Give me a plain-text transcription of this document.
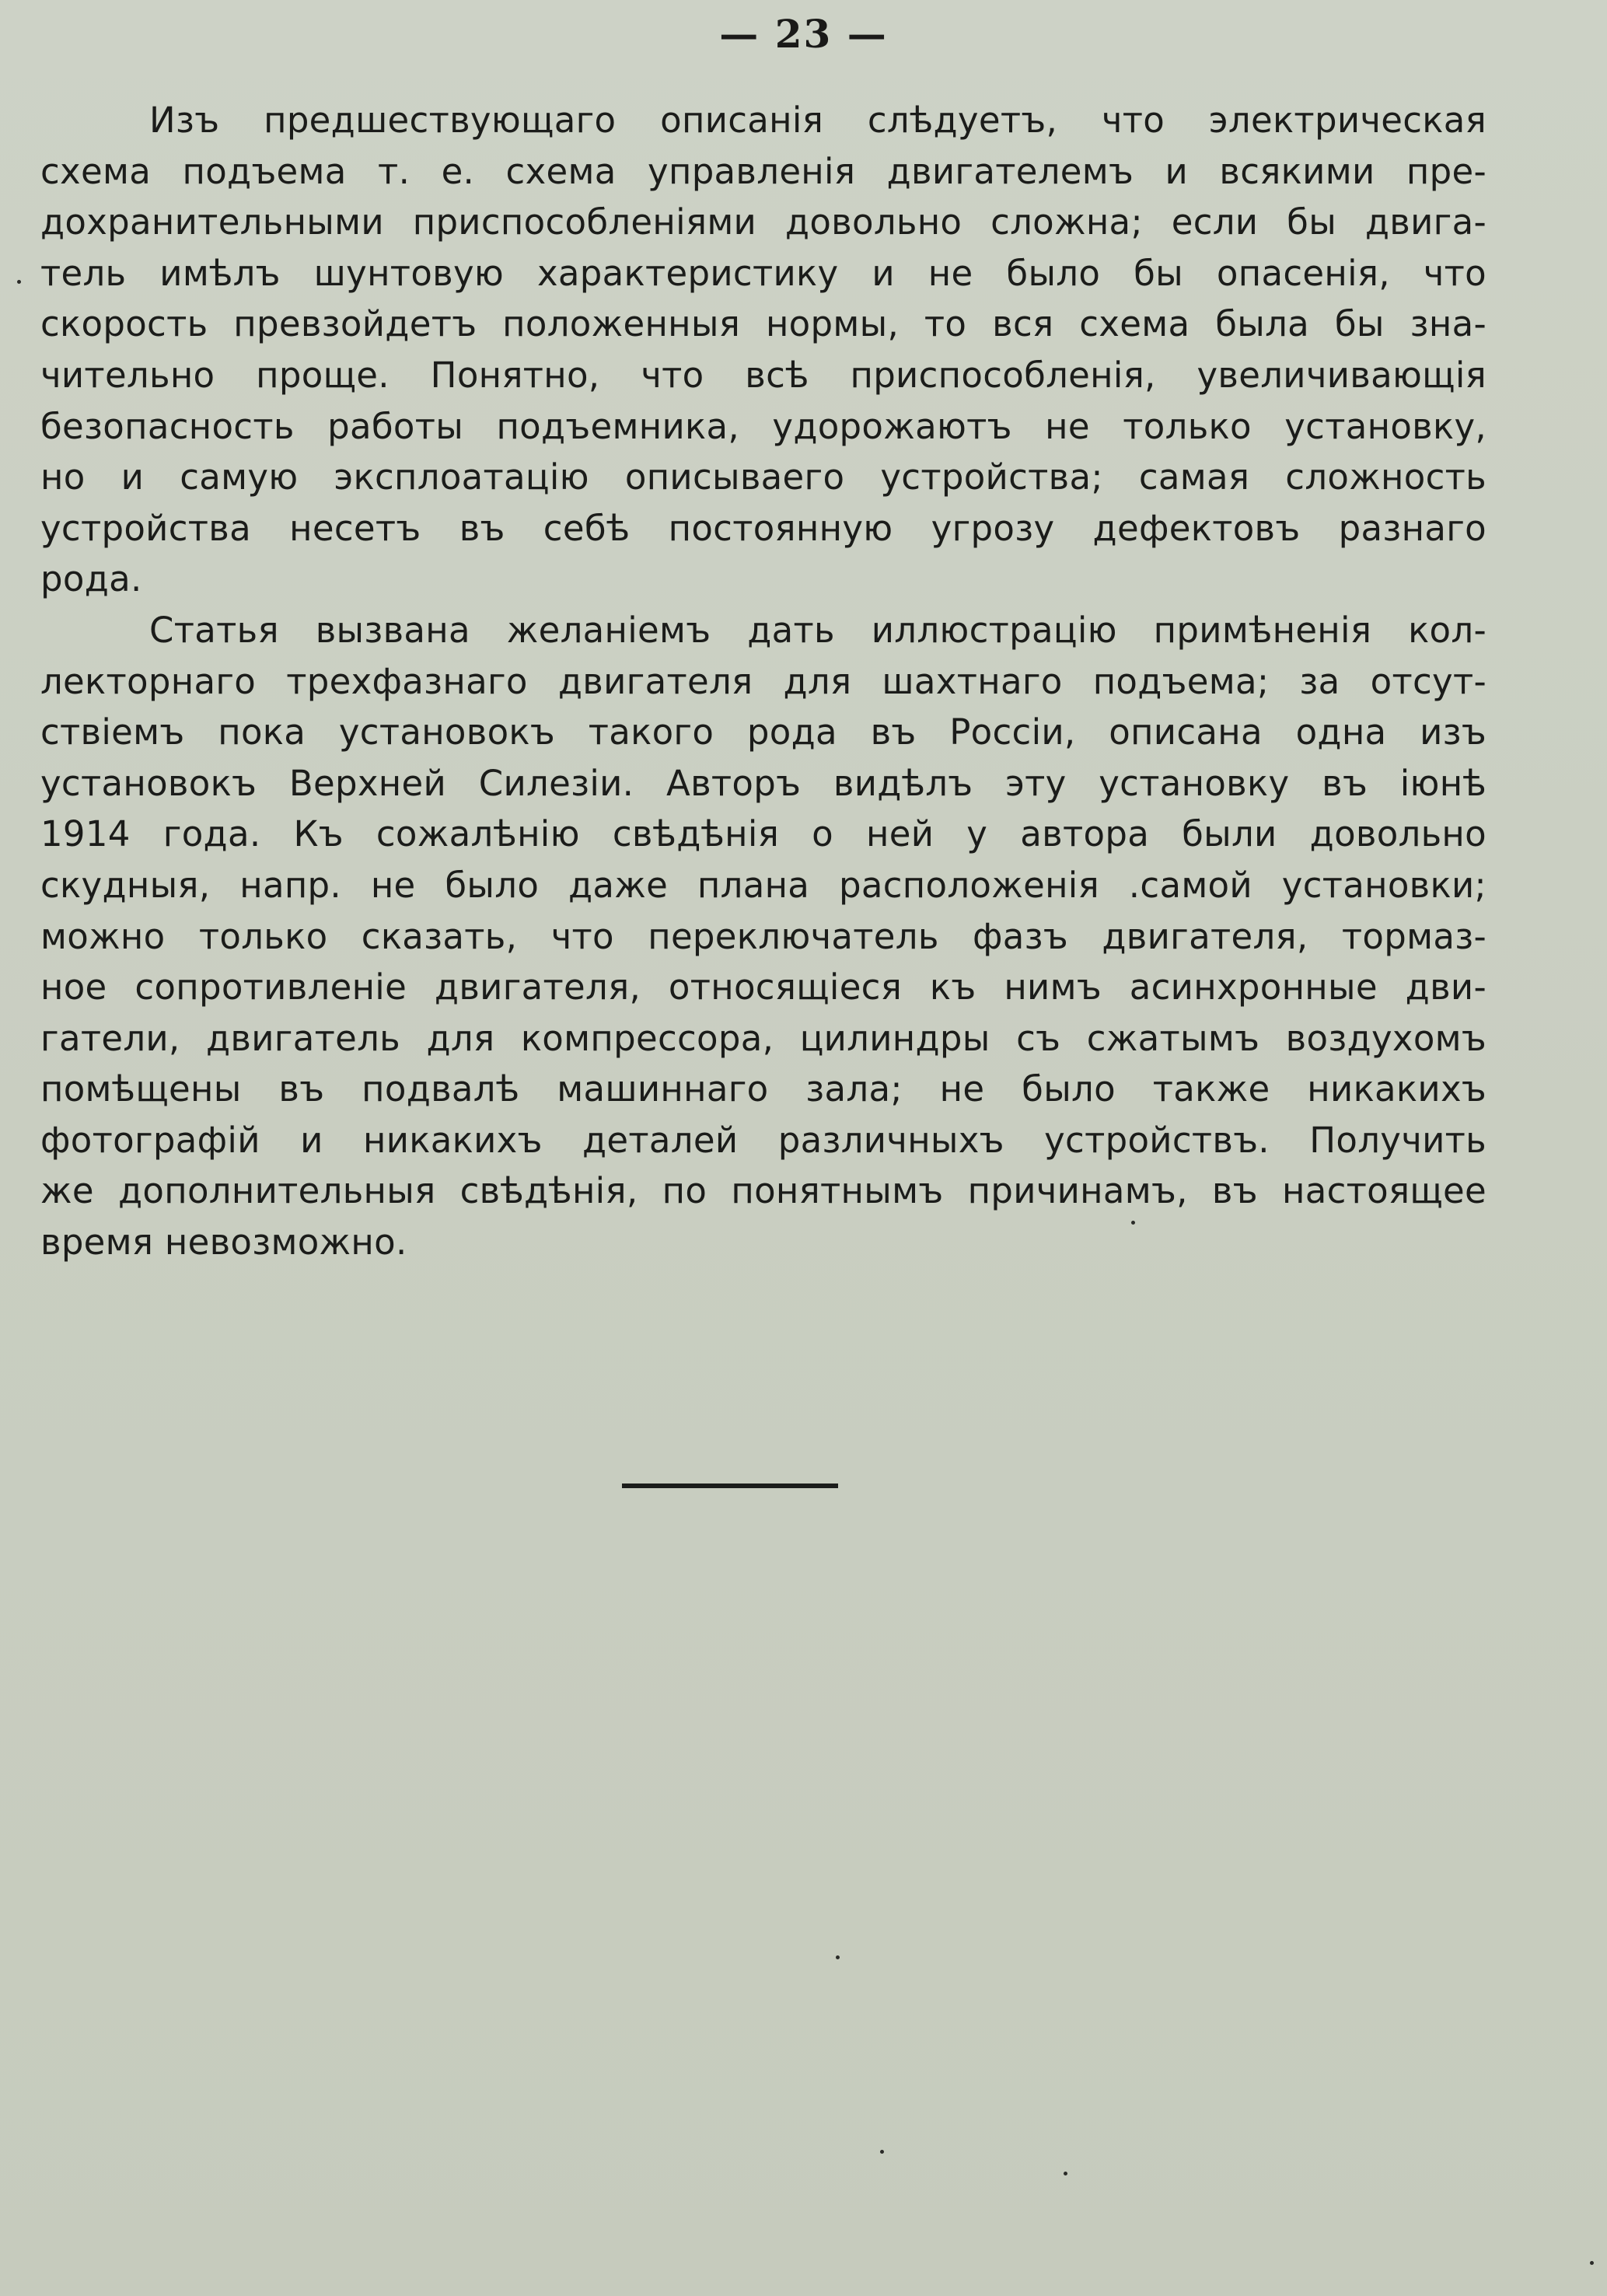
— 23 —
Изъ предшествующаго описанія слѣдуетъ, что электрическая
схема подъема т. е. схема управленія двигателемъ и всякими пре-
дохранительными приспособленіями довольно сложна; если бы двига-
тель имѣлъ шунтовую характеристику и не было бы опасенія, что
скорость превзойдетъ положенныя нормы, то вся схема была бы зна-
чительно проще. Понятно, что всѣ приспособленія, увеличивающія
безопасность работы подъемника, удорожаютъ не только установку,
но и самую эксплоатацію описываего устройства; самая сложность
устройства несетъ въ себѣ постоянную угрозу дефектовъ разнаго
рода.
Статья вызвана желаніемъ дать иллюстрацію примѣненія кол-
лекторнаго трехфазнаго двигателя для шахтнаго подъема; за отсут-
ствіемъ пока установокъ такого рода въ Россіи, описана одна изъ
установокъ Верхней Силезіи. Авторъ видѣлъ эту установку въ іюнѣ
1914 года. Къ сожалѣнію свѣдѣнія о ней у автора были довольно
скудныя, напр. не было даже плана расположенія .самой установки;
можно только сказать, что переключатель фазъ двигателя, тормаз-
ное сопротивленіе двигателя, относящіеся къ нимъ асинхронные дви-
гатели, двигатель для компрессора, цилиндры съ сжатымъ воздухомъ
помѣщены въ подвалѣ машиннаго зала; не было также никакихъ
фотографій и никакихъ деталей различныхъ устройствъ. Получить
же дополнительныя свѣдѣнія, по понятнымъ причинамъ, въ настоящее
время невозможно.
